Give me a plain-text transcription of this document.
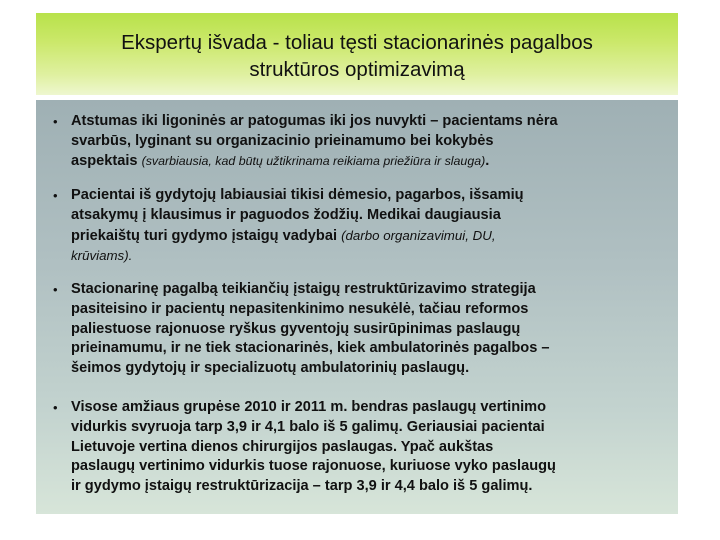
Ekspertų išvada - toliau tęsti stacionarinės pagalbos
struktūros optimizavimą
• Atstumas iki ligoninės ar patogumas iki jos nuvykti – pacientams nėra
svarbūs, lyginant su organizacinio prieinamumo bei kokybės
aspektais (svarbiausia, kad būtų užtikrinama reikiama priežiūra ir slauga).
• Pacientai iš gydytojų labiausiai tikisi dėmesio, pagarbos, išsamių
atsakymų į klausimus ir paguodos žodžių. Medikai daugiausia
priekaištų turi gydymo įstaigų vadybai (darbo organizavimui, DU,
krūviams).
• Stacionarinę pagalbą teikiančių įstaigų restruktūrizavimo strategija
pasiteisino ir pacientų nepasitenkinimo nesukėlė, tačiau reformos
paliestuose rajonuose ryškus gyventojų susirūpinimas paslaugų
prieinamumu, ir ne tiek stacionarinės, kiek ambulatorinės pagalbos –
šeimos gydytojų ir specializuotų ambulatorinių paslaugų.
• Visose amžiaus grupėse 2010 ir 2011 m. bendras paslaugų vertinimo
vidurkis svyruoja tarp 3,9 ir 4,1 balo iš 5 galimų. Geriausiai pacientai
Lietuvoje vertina dienos chirurgijos paslaugas. Ypač aukštas
paslaugų vertinimo vidurkis tuose rajonuose, kuriuose vyko paslaugų
ir gydymo įstaigų restruktūrizacija – tarp 3,9 ir 4,4 balo iš 5 galimų.
